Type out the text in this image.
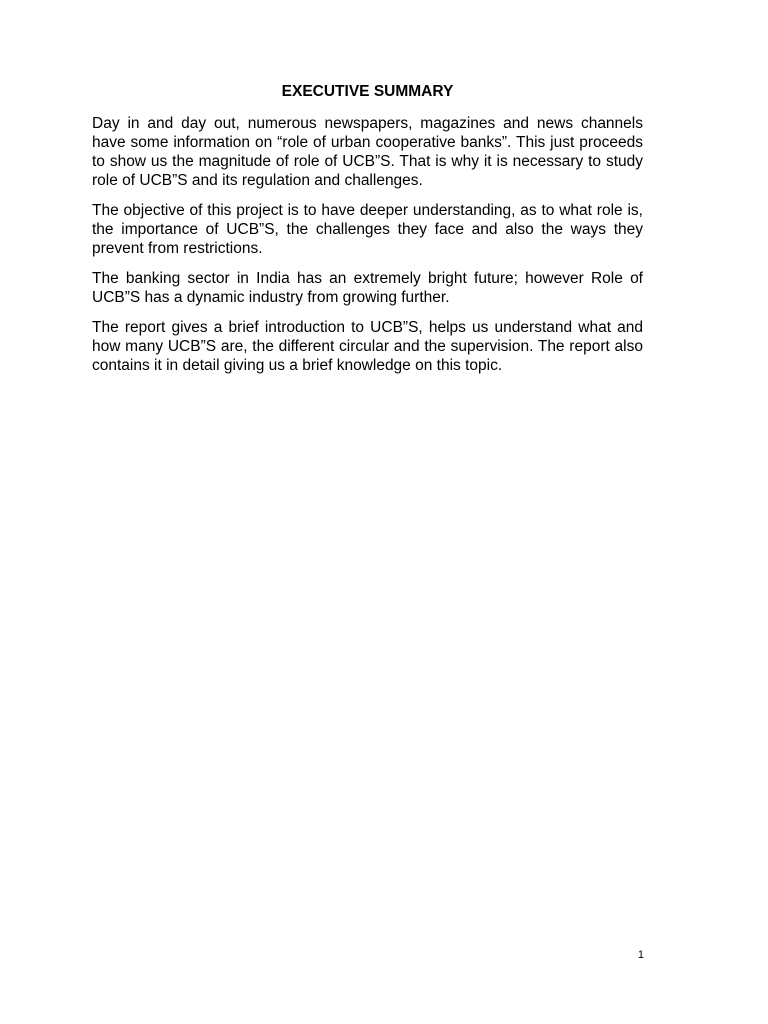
EXECUTIVE SUMMARY

Day in and day out, numerous newspapers, magazines and news channels have some information on “role of urban cooperative banks”. This just proceeds to show us the magnitude of role of UCB”S. That is why it is necessary to study role of UCB”S and its regulation and challenges.

The objective of this project is to have deeper understanding, as to what role is, the importance of UCB”S, the challenges they face and also the ways they prevent from restrictions.

The banking sector in India has an extremely bright future; however Role of UCB”S has a dynamic industry from growing further.

The report gives a brief introduction to UCB”S, helps us understand what and how many UCB”S are, the different circular and the supervision. The report also contains it in detail giving us a brief knowledge on this topic.

1
